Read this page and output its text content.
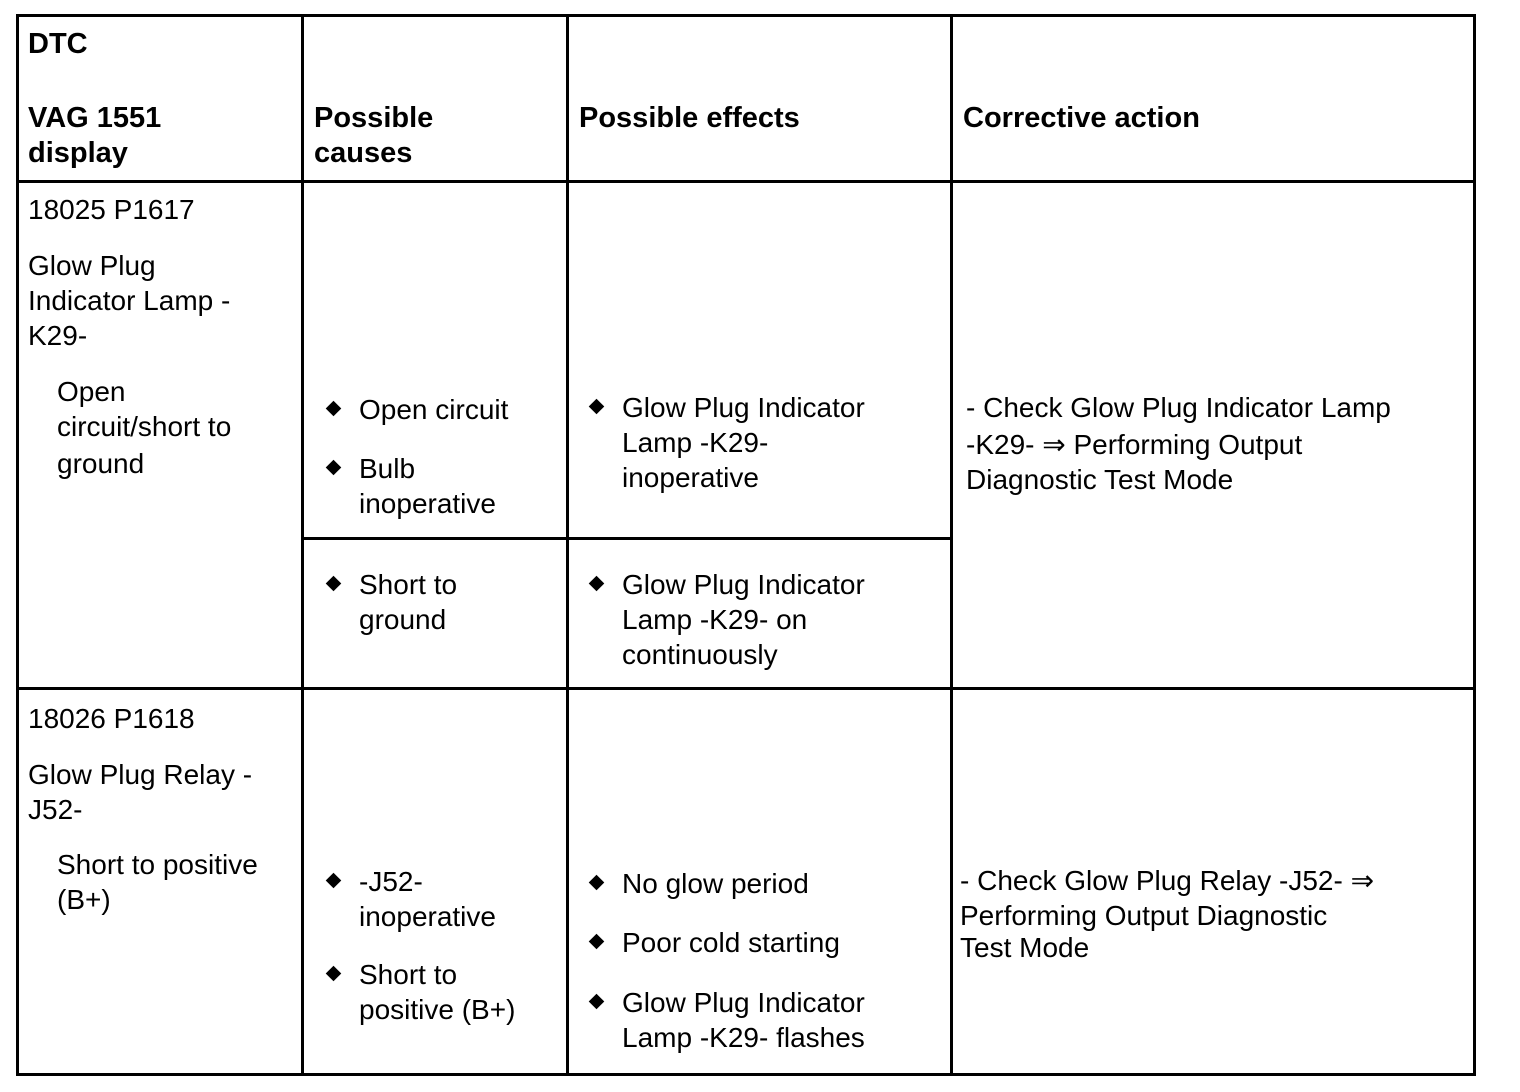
DTC
VAG 1551
display
Possible
causes
Possible effects	Corrective action
18025 P1617
Glow Plug
Indicator Lamp -
K29-
Open
circuit/short to
ground
18026 P1618
Glow Plug Relay -
J52-
Short to positive
(B+)
- Check Glow Plug Indicator Lamp
-K29- ⇒ Performing Output
Diagnostic Test Mode
- Check Glow Plug Relay -J52- ⇒
Performing Output Diagnostic
Test Mode
Open circuit
Bulb
inoperative
Glow Plug Indicator
Lamp -K29-
inoperative
Short to
ground
Glow Plug Indicator
Lamp -K29- on
continuously
-J52-
inoperative
Short to
positive (B+)
No glow period
Poor cold starting
Glow Plug Indicator
Lamp -K29- flashes
